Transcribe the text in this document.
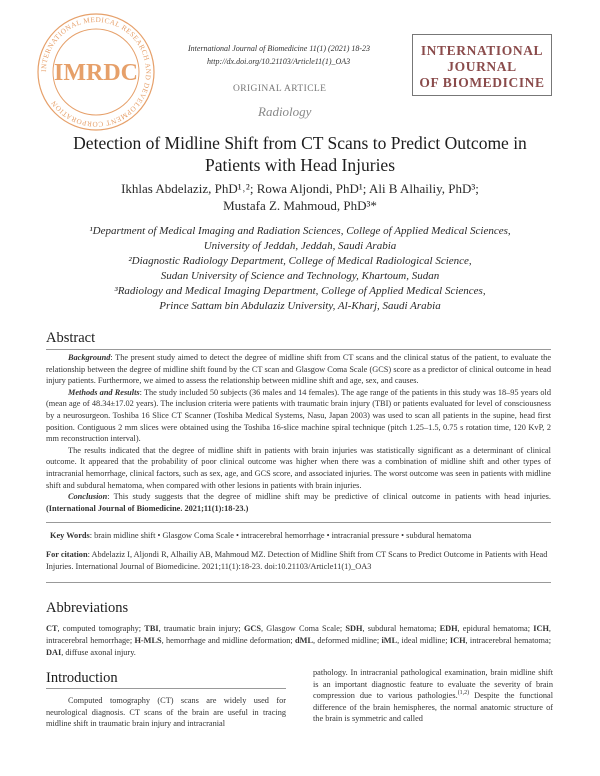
INTERNATIONAL MEDICAL RESEARCH AND DEVELOPMENT CORPORATION
IMRDC
International Journal of Biomedicine 11(1) (2021) 18-23
http://dx.doi.org/10.21103/Article11(1)_OA3
ORIGINAL ARTICLE
Radiology
INTERNATIONAL
JOURNAL
OF BIOMEDICINE
Detection of Midline Shift from CT Scans to Predict Outcome in
Patients with Head Injuries
Ikhlas Abdelaziz, PhD¹˒²; Rowa Aljondi, PhD¹; Ali B Alhailiy, PhD³;
Mustafa Z. Mahmoud, PhD³*
¹Department of Medical Imaging and Radiation Sciences, College of Applied Medical Sciences,
University of Jeddah, Jeddah, Saudi Arabia
²Diagnostic Radiology Department, College of Medical Radiological Science,
Sudan University of Science and Technology, Khartoum, Sudan
³Radiology and Medical Imaging Department, College of Applied Medical Sciences,
Prince Sattam bin Abdulaziz University, Al-Kharj, Saudi Arabia
Abstract
Background: The present study aimed to detect the degree of midline shift from CT scans and the clinical status of the patient, to evaluate the relationship between the degree of midline shift found by the CT scan and Glasgow Coma Scale (GCS) score as a predictor of clinical outcome in head injury patients. Furthermore, we aimed to assess the relationship between midline shift and age, sex, and causes.
Methods and Results: The study included 50 subjects (36 males and 14 females). The age range of the patients in this study was 18–95 years old (mean age of 48.34±17.02 years). The inclusion criteria were patients with traumatic brain injury (TBI) or patients evaluated for level of consciousness by a neurosurgeon. Toshiba 16 Slice CT Scanner (Toshiba Medical Systems, Nasu, Japan 2003) was used to scan all patients in the supine, head first position. Contiguous 2 mm slices were obtained using the Toshiba 16-slice machine spiral technique (pitch 1.25–1.5, 0.75 s rotation time, 120 KvP, 2 mm reconstruction interval).
The results indicated that the degree of midline shift in patients with brain injuries was statistically significant as a determinant of clinical outcome. It appeared that the probability of poor clinical outcome was higher when there was a combination of midline shift and other types of intracranial hemorrhage, clinical factors, such as sex, age, and GCS score, and associated injuries. The worst outcome was seen in patients with midline shift and subdural hematoma, when compared with other lesions in patients with brain injuries.
Conclusion: This study suggests that the degree of midline shift may be predictive of clinical outcome in patients with head injuries.(International Journal of Biomedicine. 2021;11(1):18-23.)
Key Words: brain midline shift • Glasgow Coma Scale • intracerebral hemorrhage • intracranial pressure • subdural hematoma
For citation: Abdelaziz I, Aljondi R, Alhailiy AB, Mahmoud MZ. Detection of Midline Shift from CT Scans to Predict Outcome in Patients with Head Injuries. International Journal of Biomedicine. 2021;11(1):18-23. doi:10.21103/Article11(1)_OA3
Abbreviations
CT, computed tomography; TBI, traumatic brain injury; GCS, Glasgow Coma Scale; SDH, subdural hematoma; EDH, epidural hematoma; ICH, intracerebral hemorrhage; H-MLS, hemorrhage and midline deformation; dML, deformed midline; iML, ideal midline; ICH, intracerebral hematoma; DAI, diffuse axonal injury.
Introduction
Computed tomography (CT) scans are widely used for neurological diagnosis. CT scans of the brain are useful in tracing midline shift in traumatic brain injury and intracranial
pathology. In intracranial pathological examination, brain midline shift is an important diagnostic feature to evaluate the severity of brain compression due to various pathologies.$^{(1,2)}$ Despite the functional difference of the brain hemispheres, the normal anatomic structure of the brain is symmetric and called
